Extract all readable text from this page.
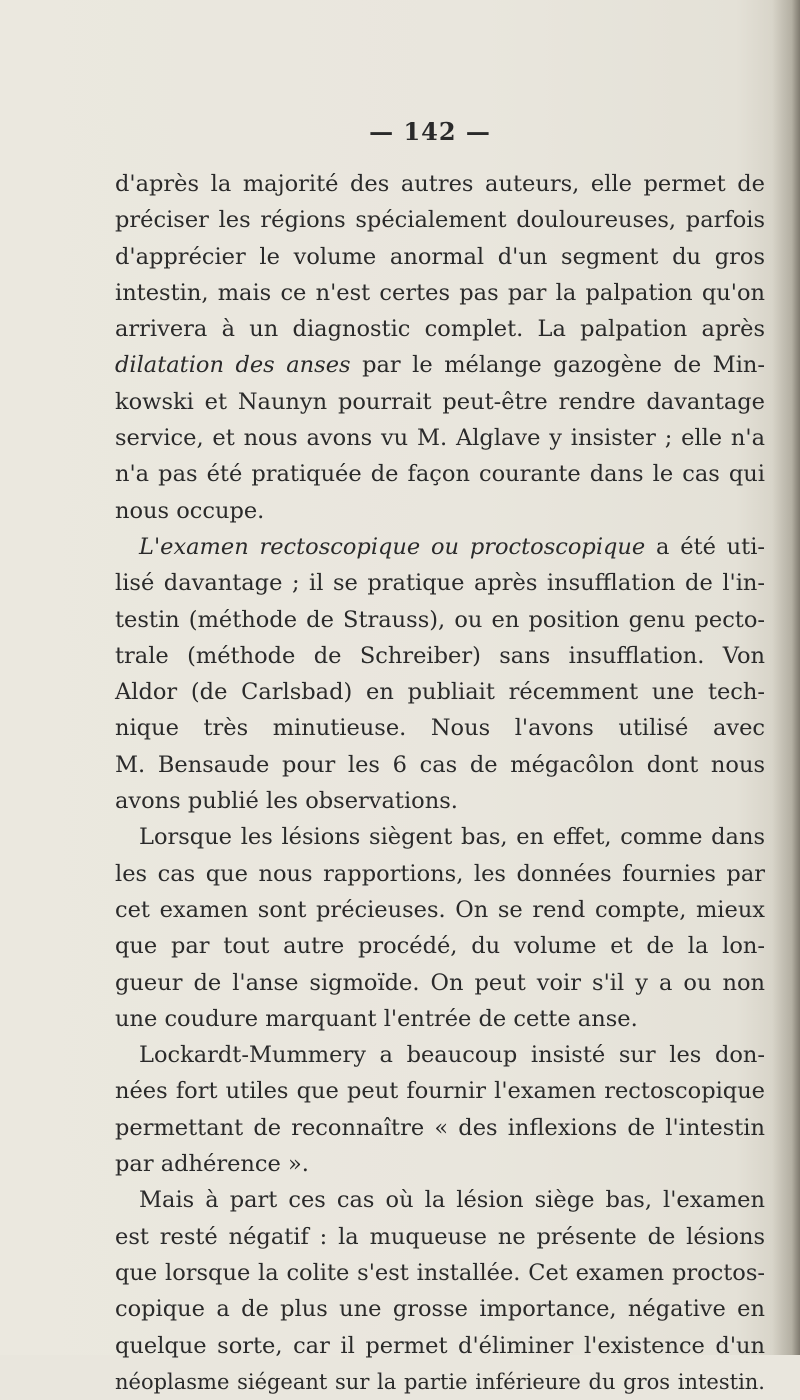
— 142 —
d'après la majorité des autres auteurs, elle permet de
préciser les régions spécialement douloureuses, parfois
d'apprécier le volume anormal d'un segment du gros
intestin, mais ce n'est certes pas par la palpation qu'on
arrivera à un diagnostic complet. La palpation après
dilatation des anses par le mélange gazogène de Min-
kowski et Naunyn pourrait peut-être rendre davantage
service, et nous avons vu M. Alglave y insister ; elle n'a
n'a pas été pratiquée de façon courante dans le cas qui
nous occupe.
L'examen rectoscopique ou proctoscopique a été uti-
lisé davantage ; il se pratique après insufflation de l'in-
testin (méthode de Strauss), ou en position genu pecto-
trale (méthode de Schreiber) sans insufflation. Von
Aldor (de Carlsbad) en publiait récemment une tech-
nique très minutieuse. Nous l'avons utilisé avec
M. Bensaude pour les 6 cas de mégacôlon dont nous
avons publié les observations.
Lorsque les lésions siègent bas, en effet, comme dans
les cas que nous rapportions, les données fournies par
cet examen sont précieuses. On se rend compte, mieux
que par tout autre procédé, du volume et de la lon-
gueur de l'anse sigmoïde. On peut voir s'il y a ou non
une coudure marquant l'entrée de cette anse.
Lockardt-Mummery a beaucoup insisté sur les don-
nées fort utiles que peut fournir l'examen rectoscopique
permettant de reconnaître « des inflexions de l'intestin
par adhérence ».
Mais à part ces cas où la lésion siège bas, l'examen
est resté négatif : la muqueuse ne présente de lésions
que lorsque la colite s'est installée. Cet examen proctos-
copique a de plus une grosse importance, négative en
quelque sorte, car il permet d'éliminer l'existence d'un
néoplasme siégeant sur la partie inférieure du gros intestin.
